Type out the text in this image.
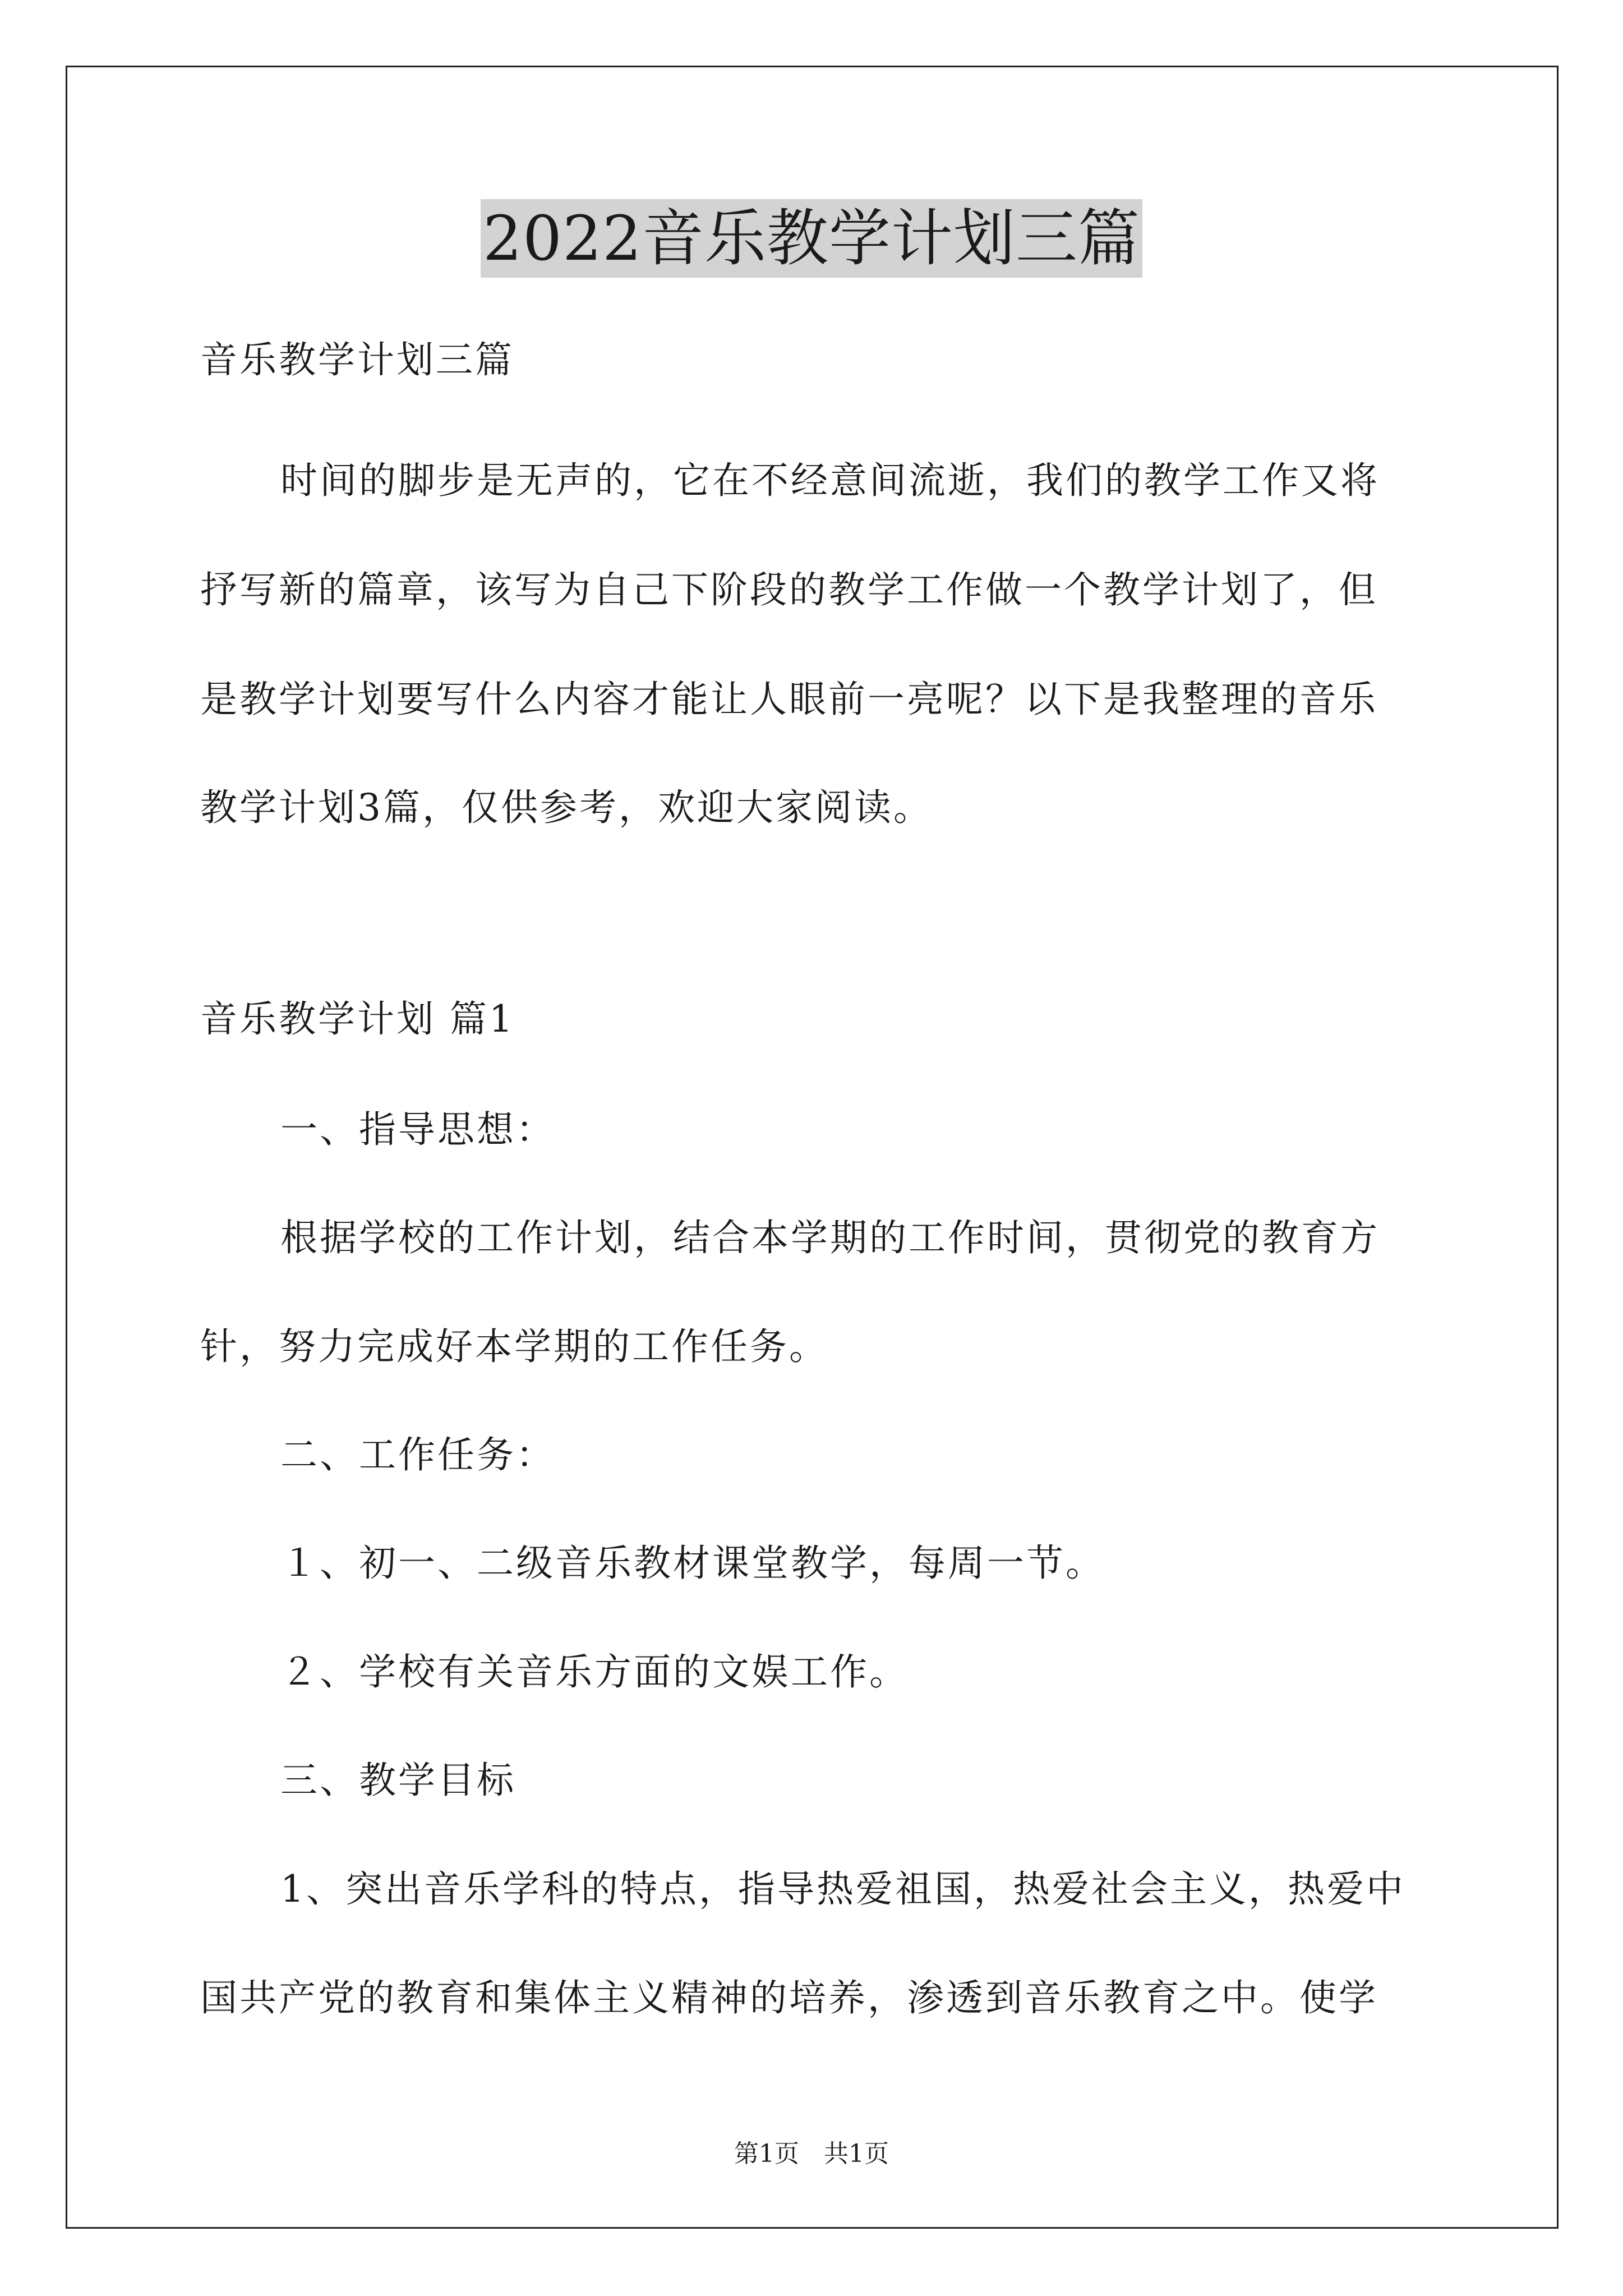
2022音乐教学计划三篇

音乐教学计划三篇

时间的脚步是无声的，它在不经意间流逝，我们的教学工作又将

抒写新的篇章，该写为自己下阶段的教学工作做一个教学计划了，但

是教学计划要写什么内容才能让人眼前一亮呢？以下是我整理的音乐

教学计划3篇，仅供参考，欢迎大家阅读。

音乐教学计划 篇1

一、指导思想：

根据学校的工作计划，结合本学期的工作时间，贯彻党的教育方

针，努力完成好本学期的工作任务。

二、工作任务：

１、初一、二级音乐教材课堂教学，每周一节。

２、学校有关音乐方面的文娱工作。

三、教学目标

1、突出音乐学科的特点，指导热爱祖国，热爱社会主义，热爱中

国共产党的教育和集体主义精神的培养，渗透到音乐教育之中。使学

第1页　共1页
